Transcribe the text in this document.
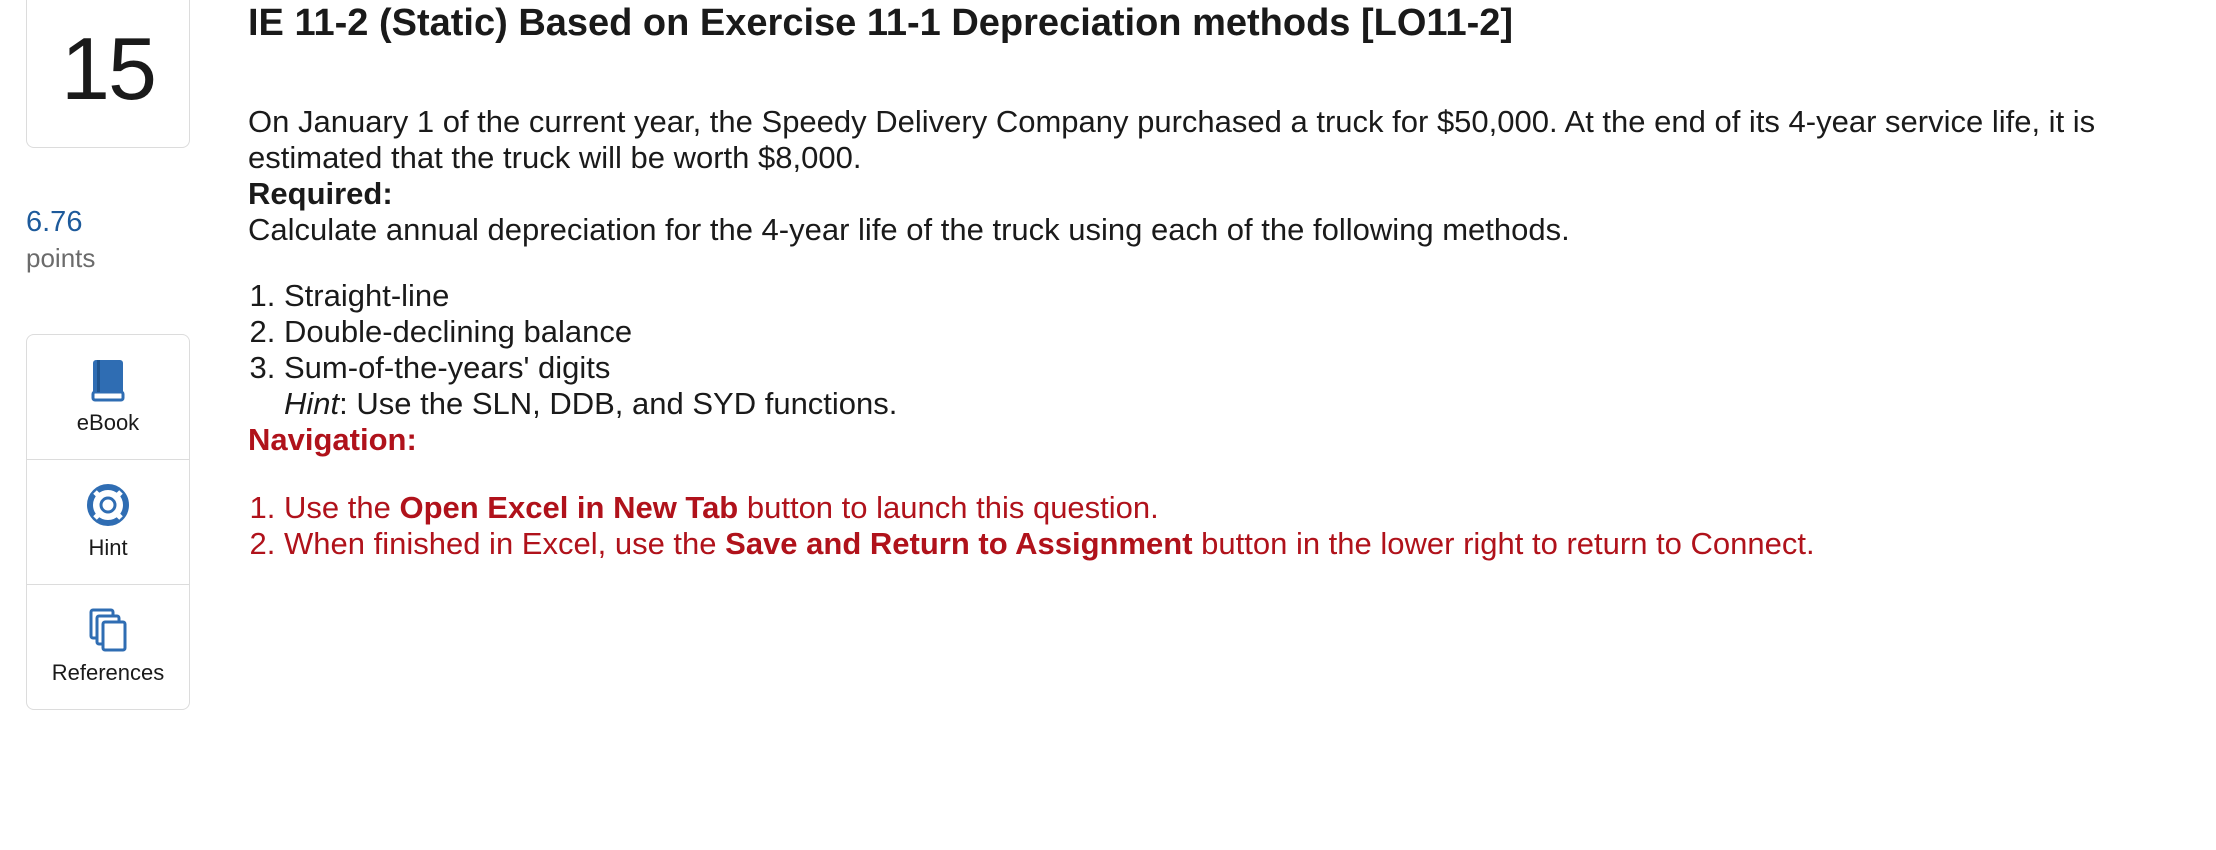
15
6.76
points
eBook
Hint
References
IE 11-2 (Static) Based on Exercise 11-1 Depreciation methods [LO11-2]

On January 1 of the current year, the Speedy Delivery Company purchased a truck for $50,000. At the end of its 4-year service life, it is estimated that the truck will be worth $8,000.

Required:

Calculate annual depreciation for the 4-year life of the truck using each of the following methods.

1. Straight-line
2. Double-declining balance
3. Sum-of-the-years' digits
Hint: Use the SLN, DDB, and SYD functions.

Navigation:

1. Use the Open Excel in New Tab button to launch this question.
2. When finished in Excel, use the Save and Return to Assignment button in the lower right to return to Connect.
